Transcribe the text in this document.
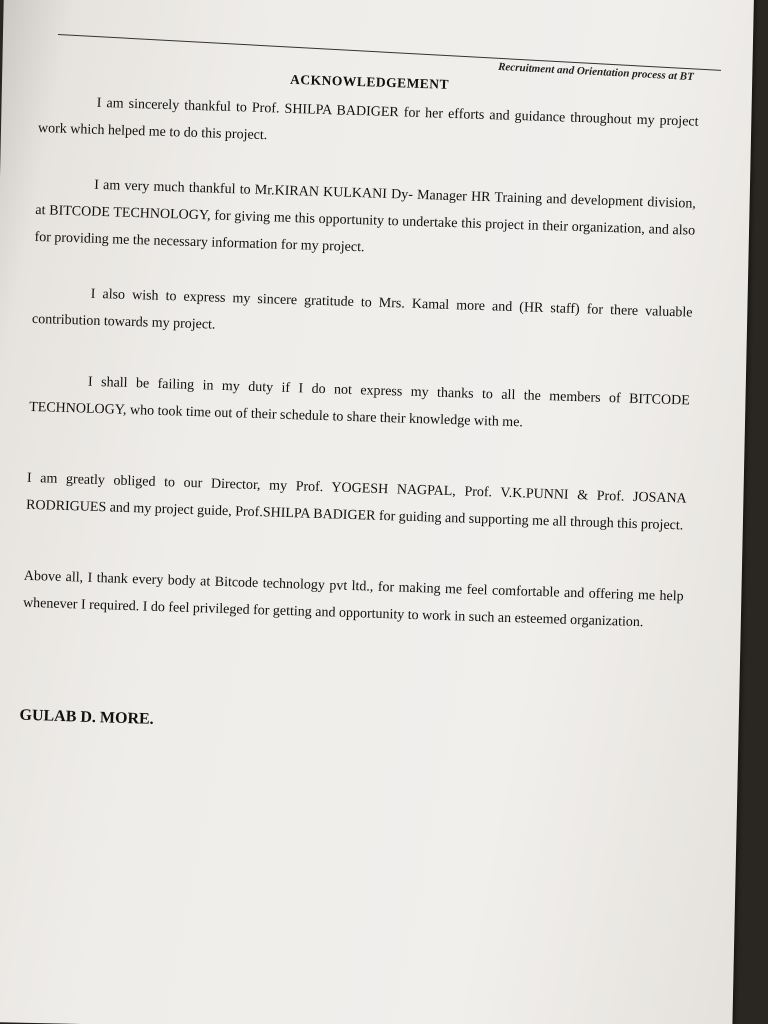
Recruitment and Orientation process at BT
ACKNOWLEDGEMENT

I am sincerely thankful to Prof. SHILPA BADIGER for her efforts and guidance throughout my project work which helped me to do this project.

I am very much thankful to Mr.KIRAN KULKANI Dy- Manager HR Training and development division, at BITCODE TECHNOLOGY, for giving me this opportunity to undertake this project in their organization, and also for providing me the necessary information for my project.

I also wish to express my sincere gratitude to Mrs. Kamal more and (HR staff) for there valuable contribution towards my project.

I shall be failing in my duty if I do not express my thanks to all the members of BITCODE TECHNOLOGY, who took time out of their schedule to share their knowledge with me.

I am greatly obliged to our Director, my Prof. YOGESH NAGPAL, Prof. V.K.PUNNI & Prof. JOSANA RODRIGUES and my project guide, Prof.SHILPA BADIGER for guiding and supporting me all through this project.

Above all, I thank every body at Bitcode technology pvt ltd., for making me feel comfortable and offering me help whenever I required. I do feel privileged for getting and opportunity to work in such an esteemed organization.

GULAB D. MORE.
